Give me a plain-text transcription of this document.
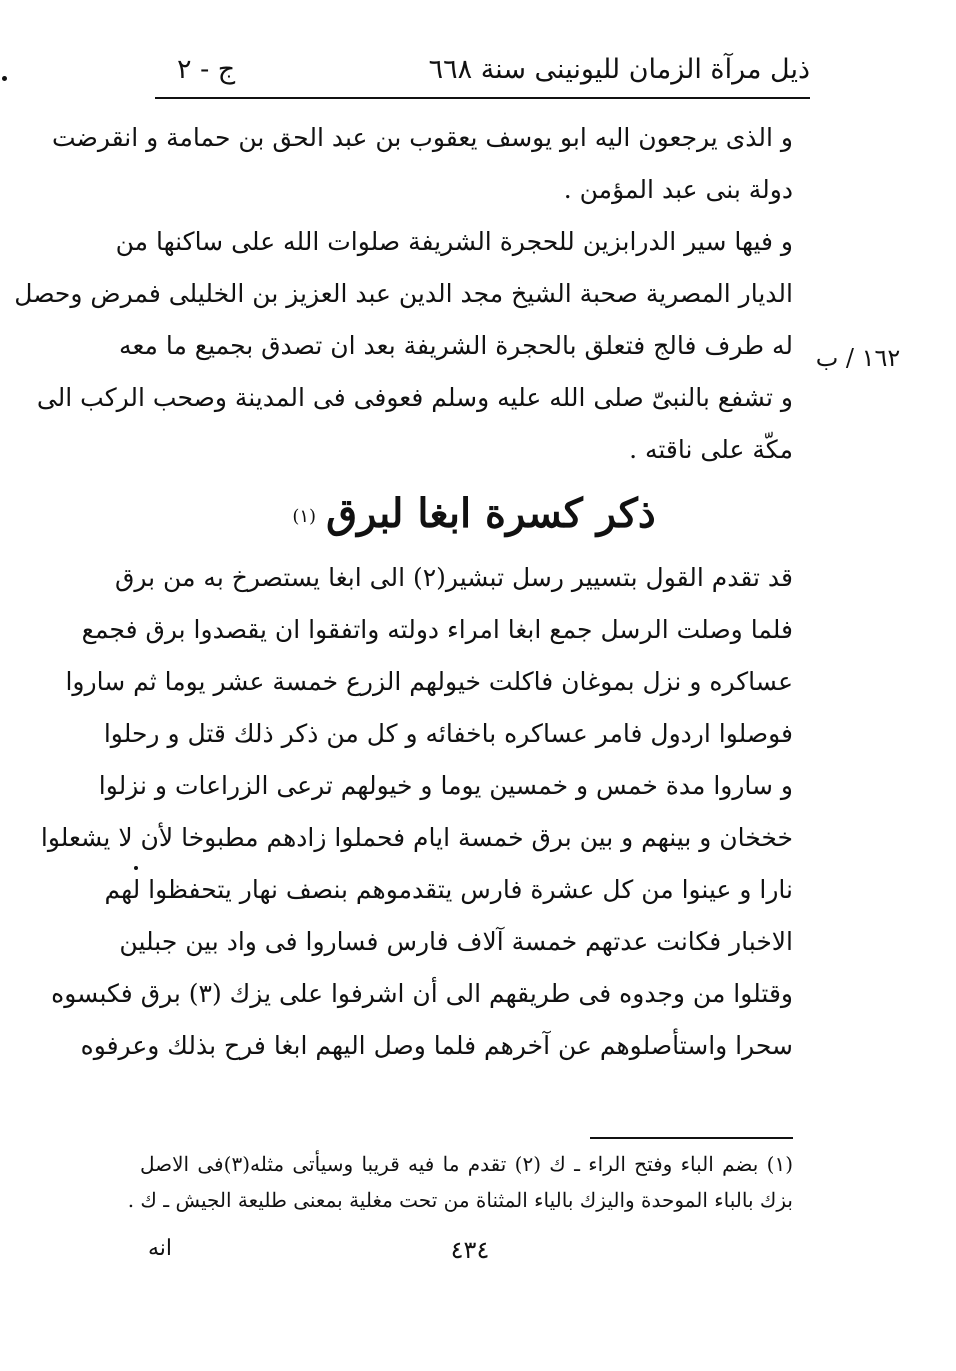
ذيل مرآة الزمان لليونينى سنة ٦٦٨
ج - ٢
١٦٢ / ب
و الذى يرجعون اليه ابو يوسف يعقوب بن عبد الحق بن حمامة و انقرضت
دولة بنى عبد المؤمن .
و فيها سير الدرابزين للحجرة الشريفة صلوات الله على ساكنها من
الديار المصرية صحبة الشيخ مجد الدين عبد العزيز بن الخليلى فمرض وحصل
له طرف فالج فتعلق بالحجرة الشريفة بعد ان تصدق بجميع ما معه
و تشفع بالنبىّ صلى الله عليه وسلم فعوفى فى المدينة وصحب الركب الى
مكّة على ناقته .
ذكر كسرة ابغا لبرق(١)
قد تقدم القول بتسيير رسل تبشير(٢) الى ابغا يستصرخ به من برق
فلما وصلت الرسل جمع ابغا امراء دولته واتفقوا ان يقصدوا برق فجمع
عساكره و نزل بموغان فاكلت خيولهم الزرع خمسة عشر يوما ثم ساروا
فوصلوا اردول فامر عساكره باخفائه و كل من ذكر ذلك قتل و رحلوا
و ساروا مدة خمس و خمسين يوما و خيولهم ترعى الزراعات و نزلوا
خخخان و بينهم و بين برق خمسة ايام فحملوا زادهم مطبوخا لأن لا يشعلوا
نارا و عينوا من كل عشرة فارس يتقدموهم بنصف نهار يتحفظوا لهم
الاخبار فكانت عدتهم خمسة آلاف فارس فساروا فى واد بين جبلين
وقتلوا من وجدوه فى طريقهم الى أن اشرفوا على يزك (٣) برق فكبسوه
سحرا واستأصلوهم عن آخرهم فلما وصل اليهم ابغا فرح بذلك وعرفوه
(١) بضم الباء وفتح الراء ـ ك (٢) تقدم ما فيه قريبا وسيأتى مثله(٣)فى الاصل
بزك بالباء الموحدة واليزك بالياء المثناة من تحت مغلية بمعنى طليعة الجيش ـ ك .
انه	٤٣٤
